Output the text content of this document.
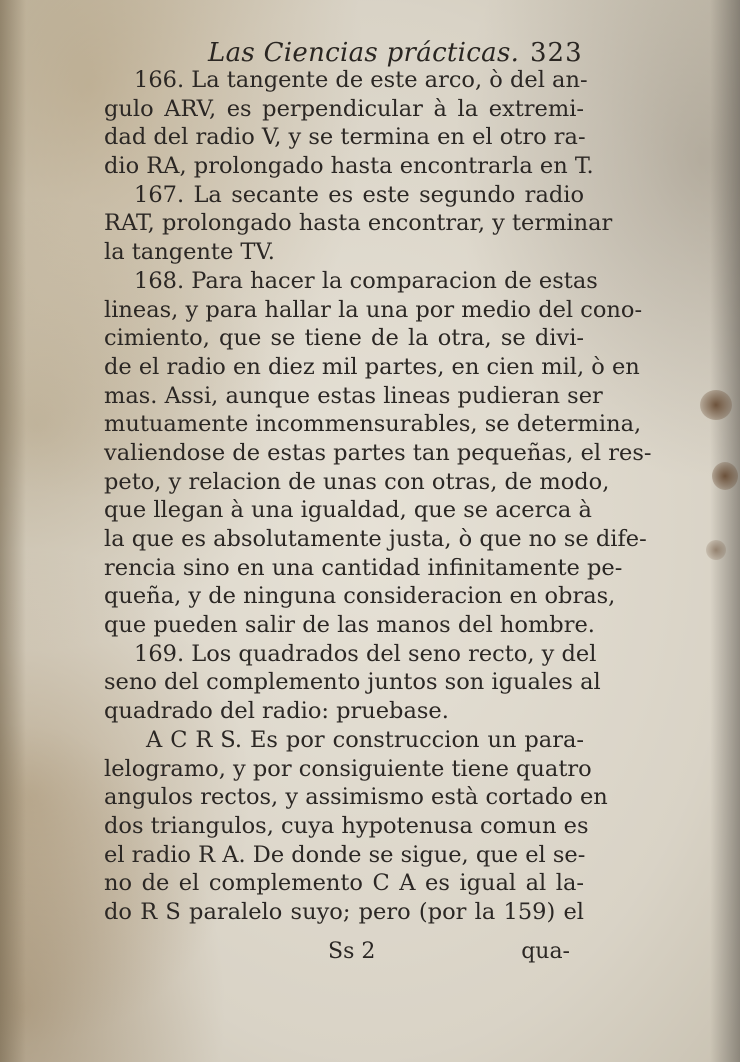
Las Ciencias prácticas. 323
166. La tangente de este arco, ò del an-
gulo ARV, es perpendicular à la extremi-
dad del radio V, y se termina en el otro ra-
dio RA, prolongado hasta encontrarla en T.
167. La secante es este segundo radio
RAT, prolongado hasta encontrar, y terminar
la tangente TV.
168. Para hacer la comparacion de estas
lineas, y para hallar la una por medio del cono-
cimiento, que se tiene de la otra, se divi-
de el radio en diez mil partes, en cien mil, ò en
mas. Assi, aunque estas lineas pudieran ser
mutuamente incommensurables, se determina,
valiendose de estas partes tan pequeñas, el res-
peto, y relacion de unas con otras, de modo,
que llegan à una igualdad, que se acerca à
la que es absolutamente justa, ò que no se dife-
rencia sino en una cantidad infinitamente pe-
queña, y de ninguna consideracion en obras,
que pueden salir de las manos del hombre.
169. Los quadrados del seno recto, y del
seno del complemento juntos son iguales al
quadrado del radio: pruebase.
A C R S. Es por construccion un para-
lelogramo, y por consiguiente tiene quatro
angulos rectos, y assimismo està cortado en
dos triangulos, cuya hypotenusa comun es
el radio R A. De donde se sigue, que el se-
no de el complemento C A es igual al la-
do R S paralelo suyo; pero (por la 159) el
Ss 2	qua-
